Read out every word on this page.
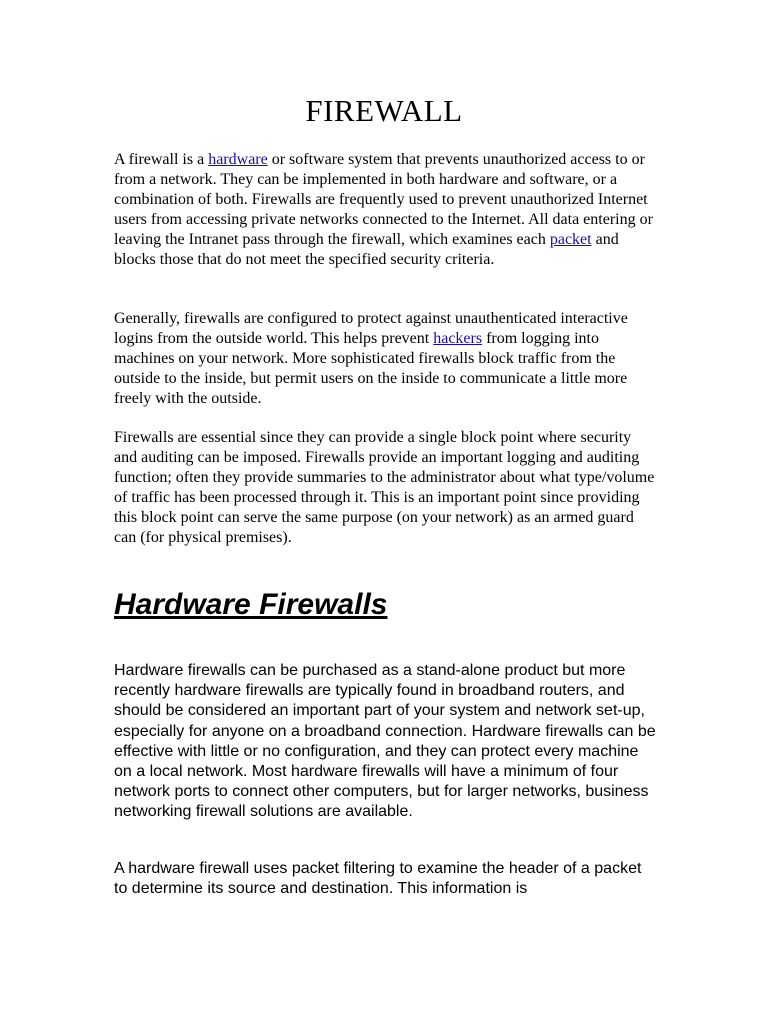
FIREWALL

A firewall is a hardware or software system that prevents unauthorized access to or from a network. They can be implemented in both hardware and software, or a combination of both. Firewalls are frequently used to prevent unauthorized Internet users from accessing private networks connected to the Internet. All data entering or leaving the Intranet pass through the firewall, which examines each packet and blocks those that do not meet the specified security criteria.

Generally, firewalls are configured to protect against unauthenticated interactive logins from the outside world. This helps prevent hackers from logging into machines on your network. More sophisticated firewalls block traffic from the outside to the inside, but permit users on the inside to communicate a little more freely with the outside.

Firewalls are essential since they can provide a single block point where security and auditing can be imposed. Firewalls provide an important logging and auditing function; often they provide summaries to the administrator about what type/volume of traffic has been processed through it. This is an important point since providing this block point can serve the same purpose (on your network) as an armed guard can (for physical premises).

Hardware Firewalls

Hardware firewalls can be purchased as a stand-alone product but more recently hardware firewalls are typically found in broadband routers, and should be considered an important part of your system and network set-up, especially for anyone on a broadband connection. Hardware firewalls can be effective with little or no configuration, and they can protect every machine on a local network. Most hardware firewalls will have a minimum of four network ports to connect other computers, but for larger networks, business networking firewall solutions are available.

A hardware firewall uses packet filtering to examine the header of a packet to determine its source and destination. This information is
